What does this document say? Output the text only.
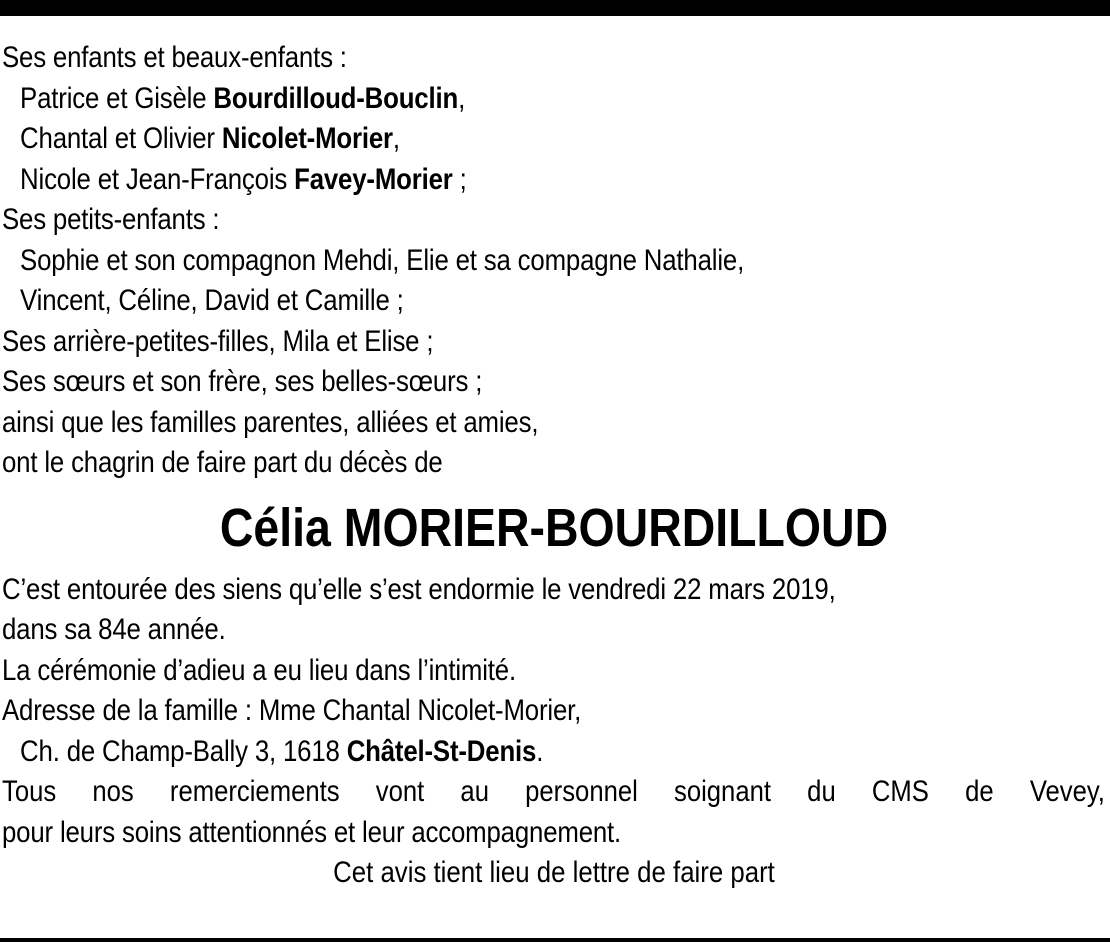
Ses enfants et beaux-enfants :
Patrice et Gisèle Bourdilloud-Bouclin,
Chantal et Olivier Nicolet-Morier,
Nicole et Jean-François Favey-Morier ;
Ses petits-enfants :
Sophie et son compagnon Mehdi, Elie et sa compagne Nathalie,
Vincent, Céline, David et Camille ;
Ses arrière-petites-filles, Mila et Elise ;
Ses sœurs et son frère, ses belles-sœurs ;
ainsi que les familles parentes, alliées et amies,
ont le chagrin de faire part du décès de
Célia MORIER-BOURDILLOUD
C’est entourée des siens qu’elle s’est endormie le vendredi 22 mars 2019,
dans sa 84e année.
La cérémonie d’adieu a eu lieu dans l’intimité.
Adresse de la famille : Mme Chantal Nicolet-Morier,
Ch. de Champ-Bally 3, 1618 Châtel-St-Denis.
Tous nos remerciements vont au personnel soignant du CMS de Vevey,
pour leurs soins attentionnés et leur accompagnement.
Cet avis tient lieu de lettre de faire part
